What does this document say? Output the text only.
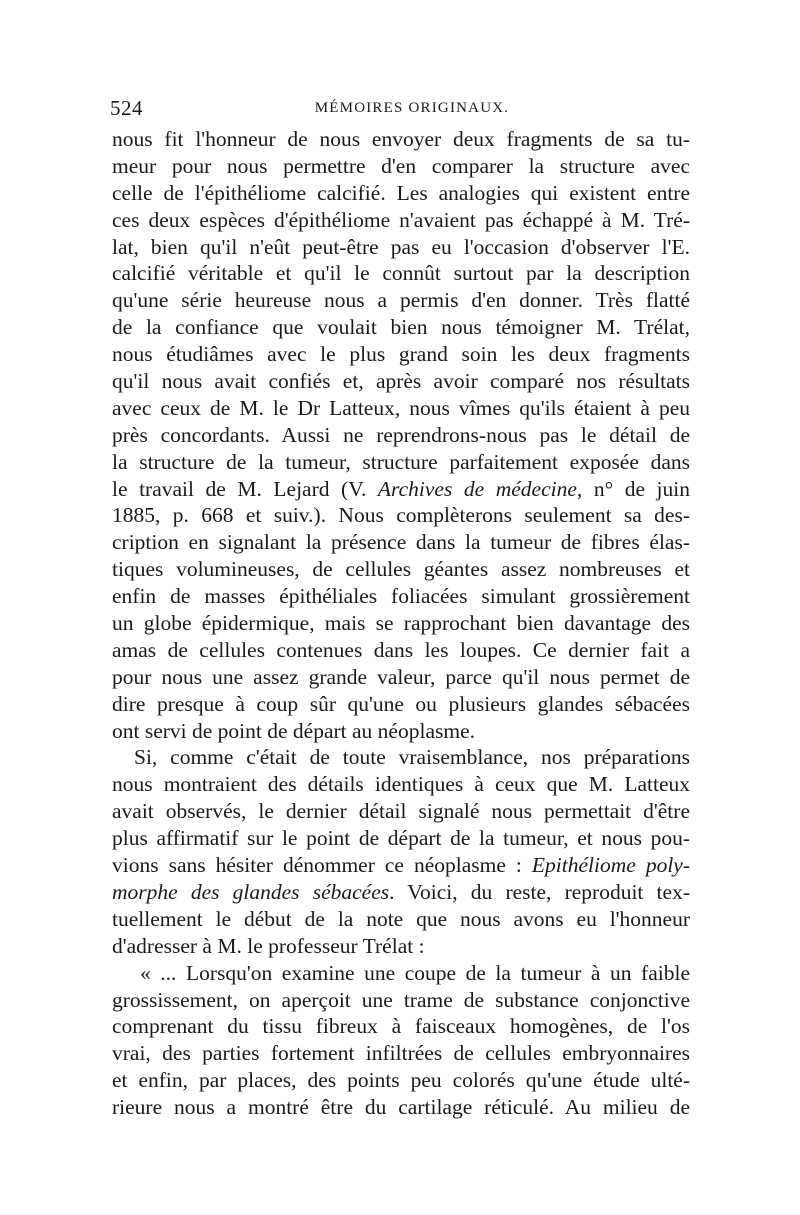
524	MÉMOIRES ORIGINAUX.
nous fit l'honneur de nous envoyer deux fragments de sa tu-
meur pour nous permettre d'en comparer la structure avec
celle de l'épithéliome calcifié. Les analogies qui existent entre
ces deux espèces d'épithéliome n'avaient pas échappé à M. Tré-
lat, bien qu'il n'eût peut-être pas eu l'occasion d'observer l'E.
calcifié véritable et qu'il le connût surtout par la description
qu'une série heureuse nous a permis d'en donner. Très flatté
de la confiance que voulait bien nous témoigner M. Trélat,
nous étudiâmes avec le plus grand soin les deux fragments
qu'il nous avait confiés et, après avoir comparé nos résultats
avec ceux de M. le Dr Latteux, nous vîmes qu'ils étaient à peu
près concordants. Aussi ne reprendrons-nous pas le détail de
la structure de la tumeur, structure parfaitement exposée dans
le travail de M. Lejard (V. Archives de médecine, n° de juin
1885, p. 668 et suiv.). Nous complèterons seulement sa des-
cription en signalant la présence dans la tumeur de fibres élas-
tiques volumineuses, de cellules géantes assez nombreuses et
enfin de masses épithéliales foliacées simulant grossièrement
un globe épidermique, mais se rapprochant bien davantage des
amas de cellules contenues dans les loupes. Ce dernier fait a
pour nous une assez grande valeur, parce qu'il nous permet de
dire presque à coup sûr qu'une ou plusieurs glandes sébacées
ont servi de point de départ au néoplasme.
Si, comme c'était de toute vraisemblance, nos préparations
nous montraient des détails identiques à ceux que M. Latteux
avait observés, le dernier détail signalé nous permettait d'être
plus affirmatif sur le point de départ de la tumeur, et nous pou-
vions sans hésiter dénommer ce néoplasme : Epithéliome poly-
morphe des glandes sébacées. Voici, du reste, reproduit tex-
tuellement le début de la note que nous avons eu l'honneur
d'adresser à M. le professeur Trélat :
« ... Lorsqu'on examine une coupe de la tumeur à un faible
grossissement, on aperçoit une trame de substance conjonctive
comprenant du tissu fibreux à faisceaux homogènes, de l'os
vrai, des parties fortement infiltrées de cellules embryonnaires
et enfin, par places, des points peu colorés qu'une étude ulté-
rieure nous a montré être du cartilage réticulé. Au milieu de
